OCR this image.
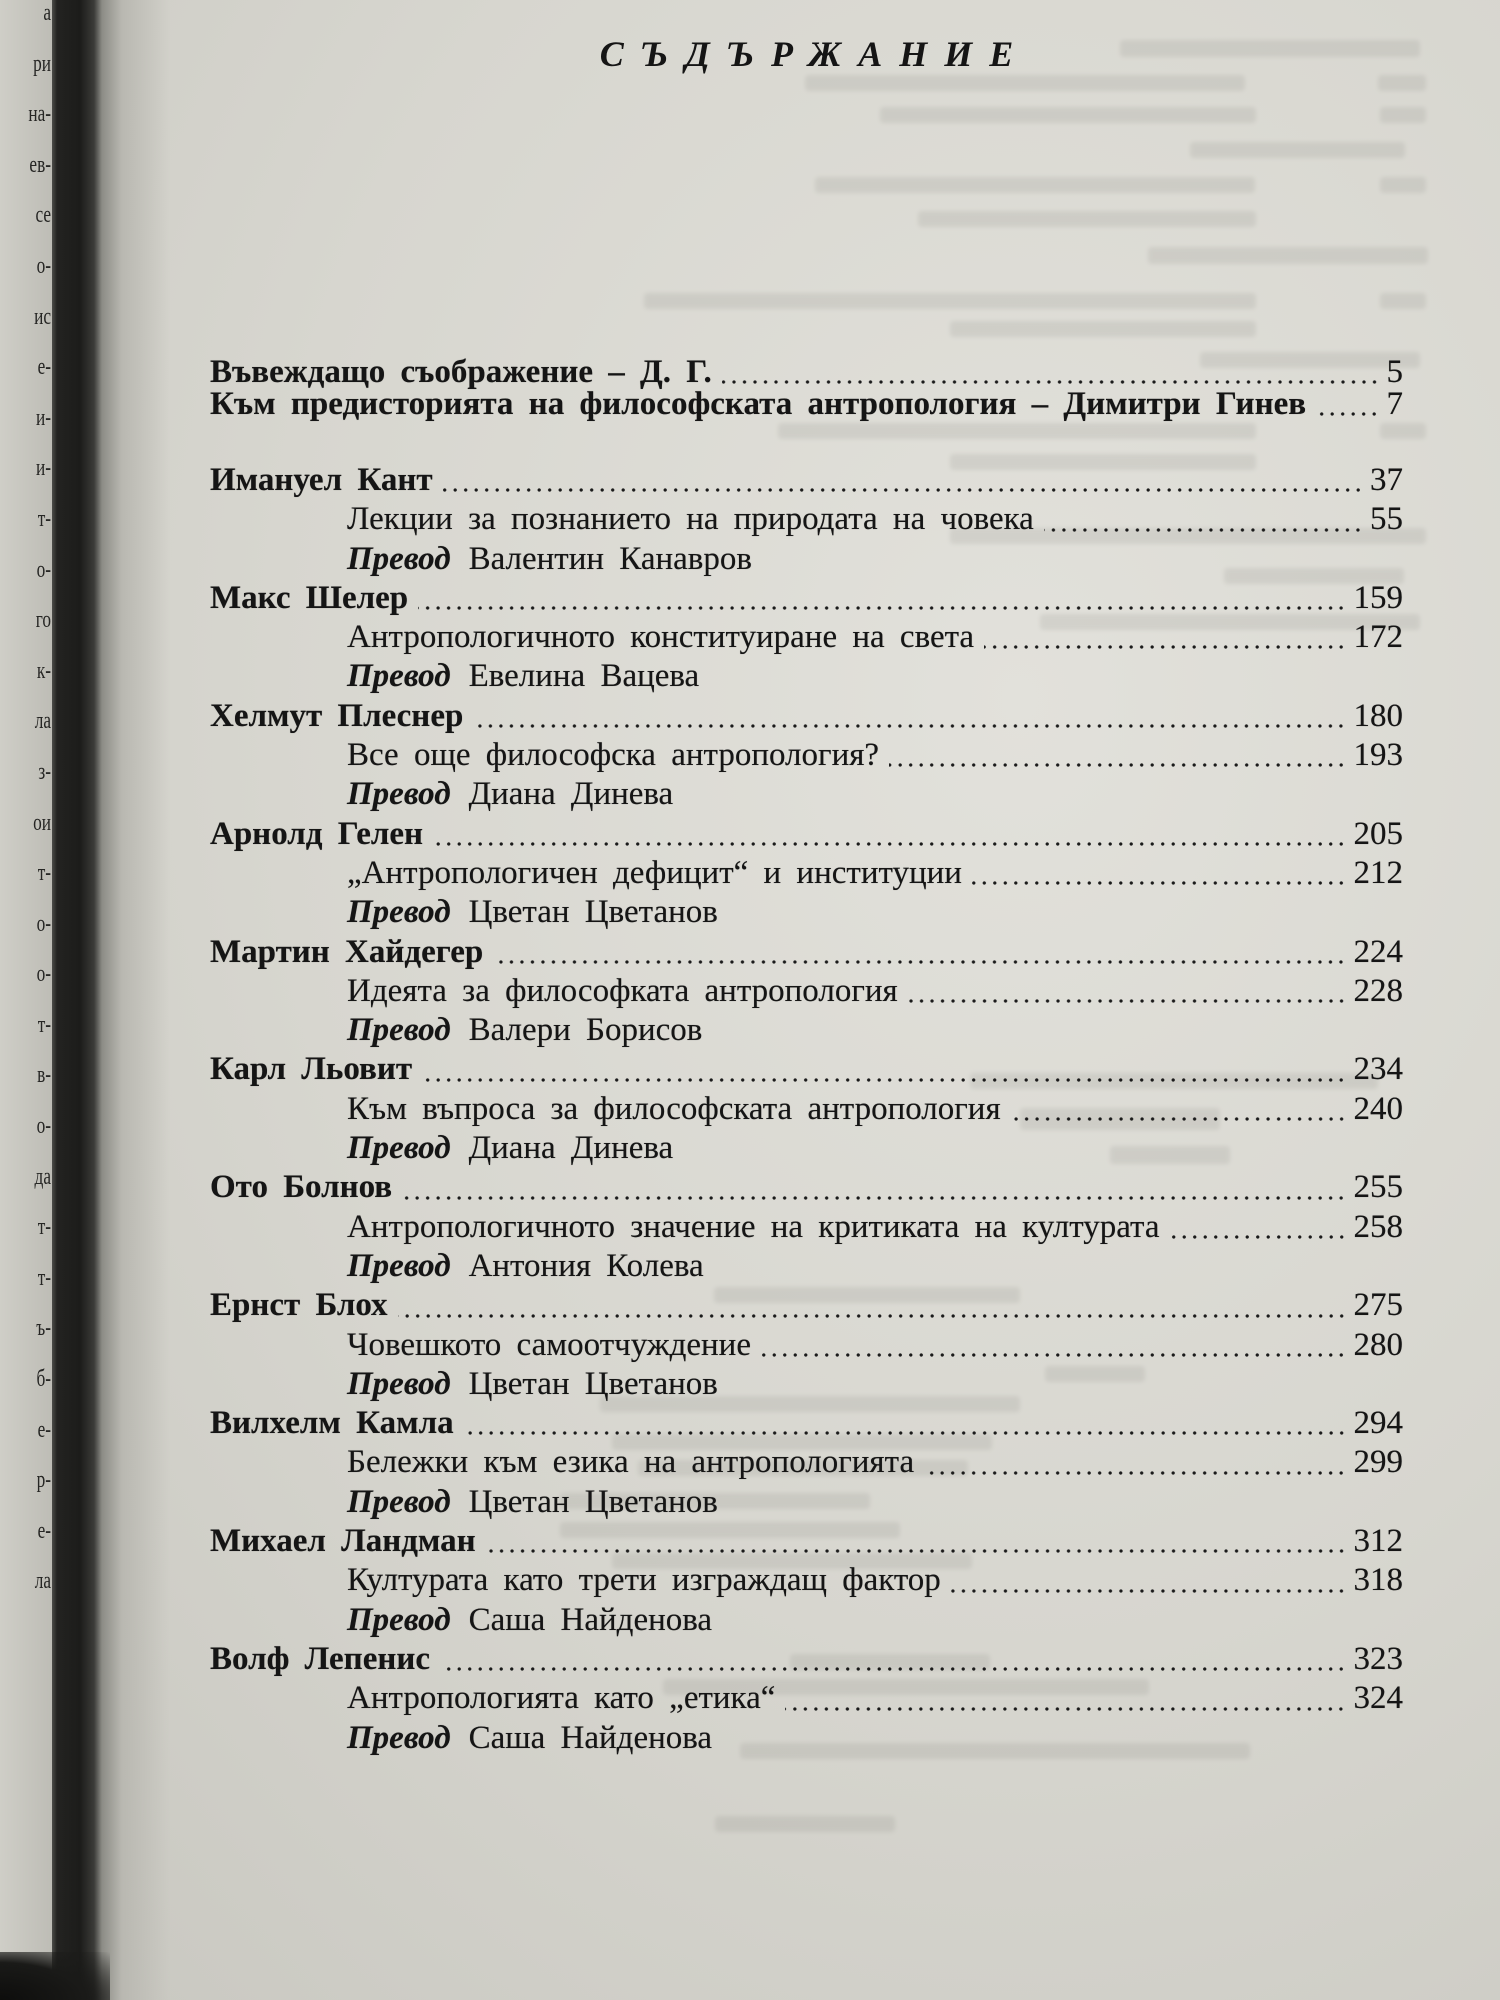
а
ри
на-
ев-
се
о-
ис
е-
и-
и-
т-
о-
го
к-
ла
з-
ои
т-
о-
о-
т-
в-
о-
да
т-
т-
ъ-
б-
е-
р-
е-
ла
СЪДЪРЖАНИЕ
Въвеждащо съображение – Д. Г.	5
Към предисторията на философската антропология – Димитри Гинев 7
Имануел Кант	37
Лекции за познанието на природата на човека	55
Превод Валентин Канавров
Макс Шелер	159
Антропологичното конституиране на света	172
Превод Евелина Вацева
Хелмут Плеснер	180
Все още философска антропология?	193
Превод Диана Динева
Арнолд Гелен	205
„Антропологичен дефицит“ и институции	212
Превод Цветан Цветанов
Мартин Хайдегер	224
Идеята за философката антропология	228
Превод Валери Борисов
Карл Льовит	234
Към въпроса за философската антропология	240
Превод Диана Динева
Ото Болнов	255
Антропологичното значение на критиката на културата	258
Превод Антония Колева
Ернст Блох	275
Човешкото самоотчуждение	280
Превод Цветан Цветанов
Вилхелм Камла	294
Бележки към езика на антропологията	299
Превод Цветан Цветанов
Михаел Ландман	312
Културата като трети изграждащ фактор	318
Превод Саша Найденова
Волф Лепенис	323
Антропологията като „етика“	324
Превод Саша Найденова
